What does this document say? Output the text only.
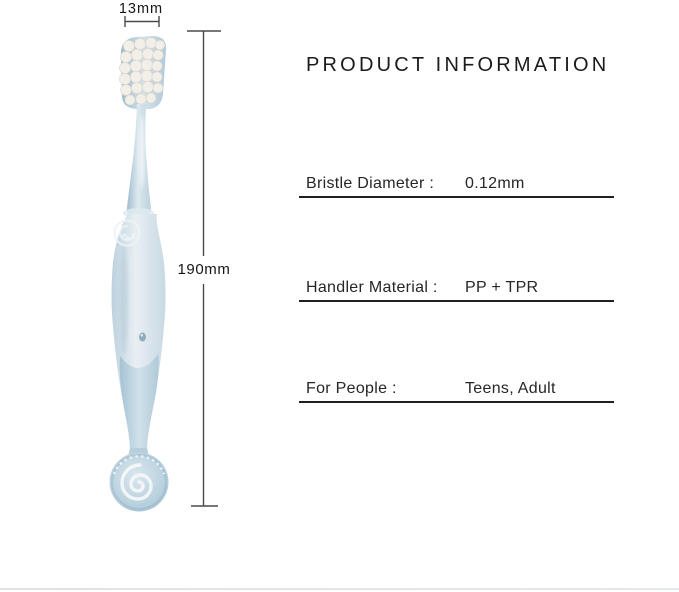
13mm
190mm
PRODUCT INFORMATION
Bristle Diameter : 0.12mm
Handler Material : PP + TPR
For People :	Teens, Adult
